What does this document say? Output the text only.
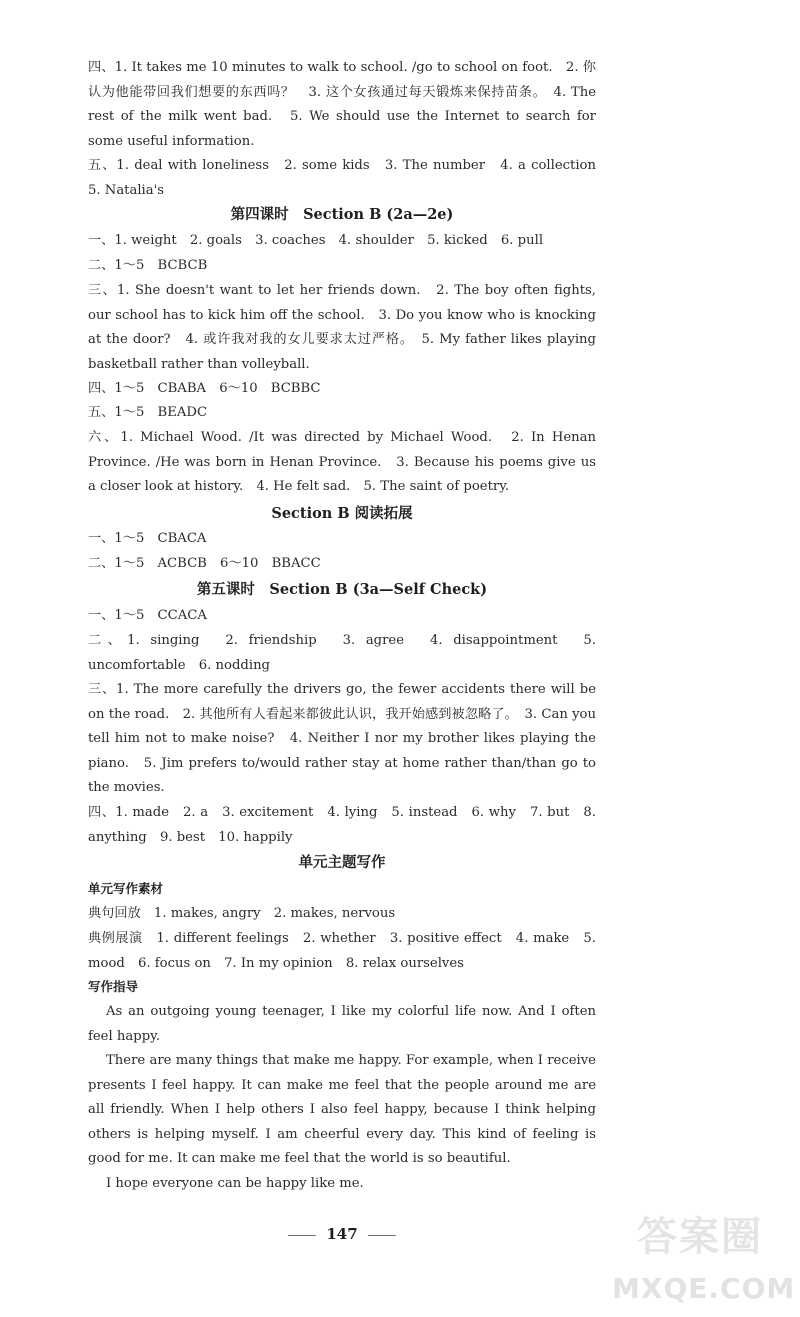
四、1. It takes me 10 minutes to walk to school. /go to school on foot.　2. 你认为他能带回我们想要的东西吗？　3. 这个女孩通过每天锻炼来保持苗条。　4. The rest of the milk went bad.　5. We should use the Internet to search for some useful information.

五、1. deal with loneliness　2. some kids　3. The number　4. a collection　5. Natalia's

第四课时　Section B (2a—2e)

一、1. weight　2. goals　3. coaches　4. shoulder　5. kicked　6. pull

二、1～5　BCBCB

三、1. She doesn't want to let her friends down.　2. The boy often fights, our school has to kick him off the school.　3. Do you know who is knocking at the door?　4. 或许我对我的女儿要求太过严格。　5. My father likes playing basketball rather than volleyball.

四、1～5　CBABA　6～10　BCBBC

五、1～5　BEADC

六、1. Michael Wood. /It was directed by Michael Wood.　2. In Henan Province. /He was born in Henan Province.　3. Because his poems give us a closer look at history.　4. He felt sad.　5. The saint of poetry.

Section B 阅读拓展

一、1～5　CBACA

二、1～5　ACBCB　6～10　BBACC

第五课时　Section B (3a—Self Check)

一、1～5　CCACA

二、1. singing　2. friendship　3. agree　4. disappointment　5. uncomfortable　6. nodding

三、1. The more carefully the drivers go, the fewer accidents there will be on the road.　2. 其他所有人看起来都彼此认识，我开始感到被忽略了。　3. Can you tell him not to make noise?　4. Neither I nor my brother likes playing the piano.　5. Jim prefers to/would rather stay at home rather than/than go to the movies.

四、1. made　2. a　3. excitement　4. lying　5. instead　6. why　7. but　8. anything　9. best　10. happily

单元主题写作
单元写作素材

典句回放　1. makes, angry　2. makes, nervous

典例展演　1. different feelings　2. whether　3. positive effect　4. make　5. mood　6. focus on　7. In my opinion　8. relax ourselves

写作指导

As an outgoing young teenager, I like my colorful life now. And I often feel happy.

There are many things that make me happy. For example, when I receive presents I feel happy. It can make me feel that the people around me are all friendly. When I help others I also feel happy, because I think helping others is helping myself. I am cheerful every day. This kind of feeling is good for me. It can make me feel that the world is so beautiful.

I hope everyone can be happy like me.

147	答案圈
MXQE.COM
